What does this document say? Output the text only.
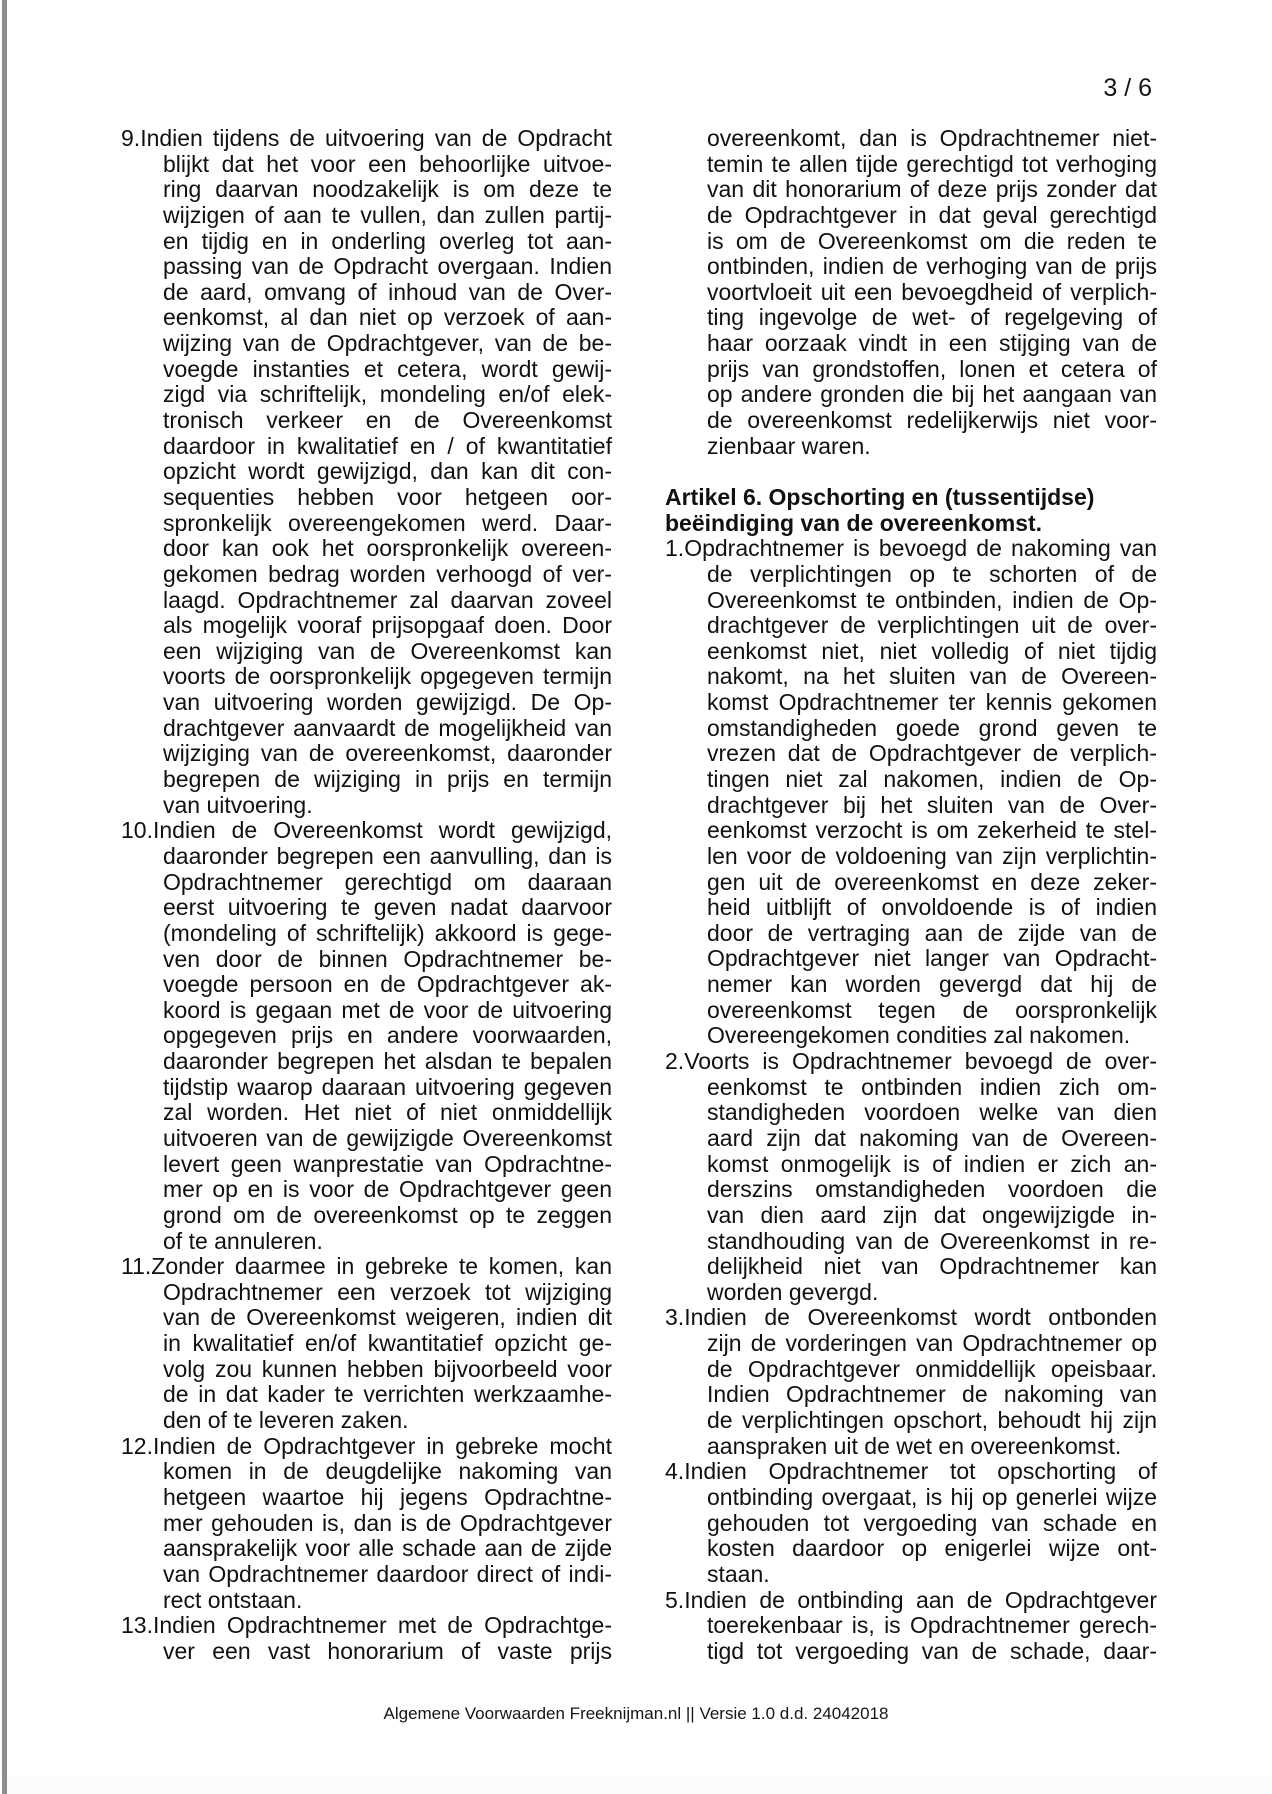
3 / 6
9.Indien tijdens de uitvoering van de Opdracht
blijkt dat het voor een behoorlijke uitvoe-
ring daarvan noodzakelijk is om deze te
wijzigen of aan te vullen, dan zullen partij-
en tijdig en in onderling overleg tot aan-
passing van de Opdracht overgaan. Indien
de aard, omvang of inhoud van de Over-
eenkomst, al dan niet op verzoek of aan-
wijzing van de Opdrachtgever, van de be-
voegde instanties et cetera, wordt gewij-
zigd via schriftelijk, mondeling en/of elek-
tronisch verkeer en de Overeenkomst
daardoor in kwalitatief en / of kwantitatief
opzicht wordt gewijzigd, dan kan dit con-
sequenties hebben voor hetgeen oor-
spronkelijk overeengekomen werd. Daar-
door kan ook het oorspronkelijk overeen-
gekomen bedrag worden verhoogd of ver-
laagd. Opdrachtnemer zal daarvan zoveel
als mogelijk vooraf prijsopgaaf doen. Door
een wijziging van de Overeenkomst kan
voorts de oorspronkelijk opgegeven termijn
van uitvoering worden gewijzigd. De Op-
drachtgever aanvaardt de mogelijkheid van
wijziging van de overeenkomst, daaronder
begrepen de wijziging in prijs en termijn
van uitvoering.
10.Indien de Overeenkomst wordt gewijzigd,
daaronder begrepen een aanvulling, dan is
Opdrachtnemer gerechtigd om daaraan
eerst uitvoering te geven nadat daarvoor
(mondeling of schriftelijk) akkoord is gege-
ven door de binnen Opdrachtnemer be-
voegde persoon en de Opdrachtgever ak-
koord is gegaan met de voor de uitvoering
opgegeven prijs en andere voorwaarden,
daaronder begrepen het alsdan te bepalen
tijdstip waarop daaraan uitvoering gegeven
zal worden. Het niet of niet onmiddellijk
uitvoeren van de gewijzigde Overeenkomst
levert geen wanprestatie van Opdrachtne-
mer op en is voor de Opdrachtgever geen
grond om de overeenkomst op te zeggen
of te annuleren.
11.Zonder daarmee in gebreke te komen, kan
Opdrachtnemer een verzoek tot wijziging
van de Overeenkomst weigeren, indien dit
in kwalitatief en/of kwantitatief opzicht ge-
volg zou kunnen hebben bijvoorbeeld voor
de in dat kader te verrichten werkzaamhe-
den of te leveren zaken.
12.Indien de Opdrachtgever in gebreke mocht
komen in de deugdelijke nakoming van
hetgeen waartoe hij jegens Opdrachtne-
mer gehouden is, dan is de Opdrachtgever
aansprakelijk voor alle schade aan de zijde
van Opdrachtnemer daardoor direct of indi-
rect ontstaan.
13.Indien Opdrachtnemer met de Opdrachtge-
ver een vast honorarium of vaste prijs
overeenkomt, dan is Opdrachtnemer niet-
temin te allen tijde gerechtigd tot verhoging
van dit honorarium of deze prijs zonder dat
de Opdrachtgever in dat geval gerechtigd
is om de Overeenkomst om die reden te
ontbinden, indien de verhoging van de prijs
voortvloeit uit een bevoegdheid of verplich-
ting ingevolge de wet- of regelgeving of
haar oorzaak vindt in een stijging van de
prijs van grondstoffen, lonen et cetera of
op andere gronden die bij het aangaan van
de overeenkomst redelijkerwijs niet voor-
zienbaar waren.
Artikel 6. Opschorting en (tussentijdse)
beëindiging van de overeenkomst.
1.Opdrachtnemer is bevoegd de nakoming van
de verplichtingen op te schorten of de
Overeenkomst te ontbinden, indien de Op-
drachtgever de verplichtingen uit de over-
eenkomst niet, niet volledig of niet tijdig
nakomt, na het sluiten van de Overeen-
komst Opdrachtnemer ter kennis gekomen
omstandigheden goede grond geven te
vrezen dat de Opdrachtgever de verplich-
tingen niet zal nakomen, indien de Op-
drachtgever bij het sluiten van de Over-
eenkomst verzocht is om zekerheid te stel-
len voor de voldoening van zijn verplichtin-
gen uit de overeenkomst en deze zeker-
heid uitblijft of onvoldoende is of indien
door de vertraging aan de zijde van de
Opdrachtgever niet langer van Opdracht-
nemer kan worden gevergd dat hij de
overeenkomst tegen de oorspronkelijk
Overeengekomen condities zal nakomen.
2.Voorts is Opdrachtnemer bevoegd de over-
eenkomst te ontbinden indien zich om-
standigheden voordoen welke van dien
aard zijn dat nakoming van de Overeen-
komst onmogelijk is of indien er zich an-
derszins omstandigheden voordoen die
van dien aard zijn dat ongewijzigde in-
standhouding van de Overeenkomst in re-
delijkheid niet van Opdrachtnemer kan
worden gevergd.
3.Indien de Overeenkomst wordt ontbonden
zijn de vorderingen van Opdrachtnemer op
de Opdrachtgever onmiddellijk opeisbaar.
Indien Opdrachtnemer de nakoming van
de verplichtingen opschort, behoudt hij zijn
aanspraken uit de wet en overeenkomst.
4.Indien Opdrachtnemer tot opschorting of
ontbinding overgaat, is hij op generlei wijze
gehouden tot vergoeding van schade en
kosten daardoor op enigerlei wijze ont-
staan.
5.Indien de ontbinding aan de Opdrachtgever
toerekenbaar is, is Opdrachtnemer gerech-
tigd tot vergoeding van de schade, daar-
Algemene Voorwaarden Freeknijman.nl || Versie 1.0 d.d. 24042018
